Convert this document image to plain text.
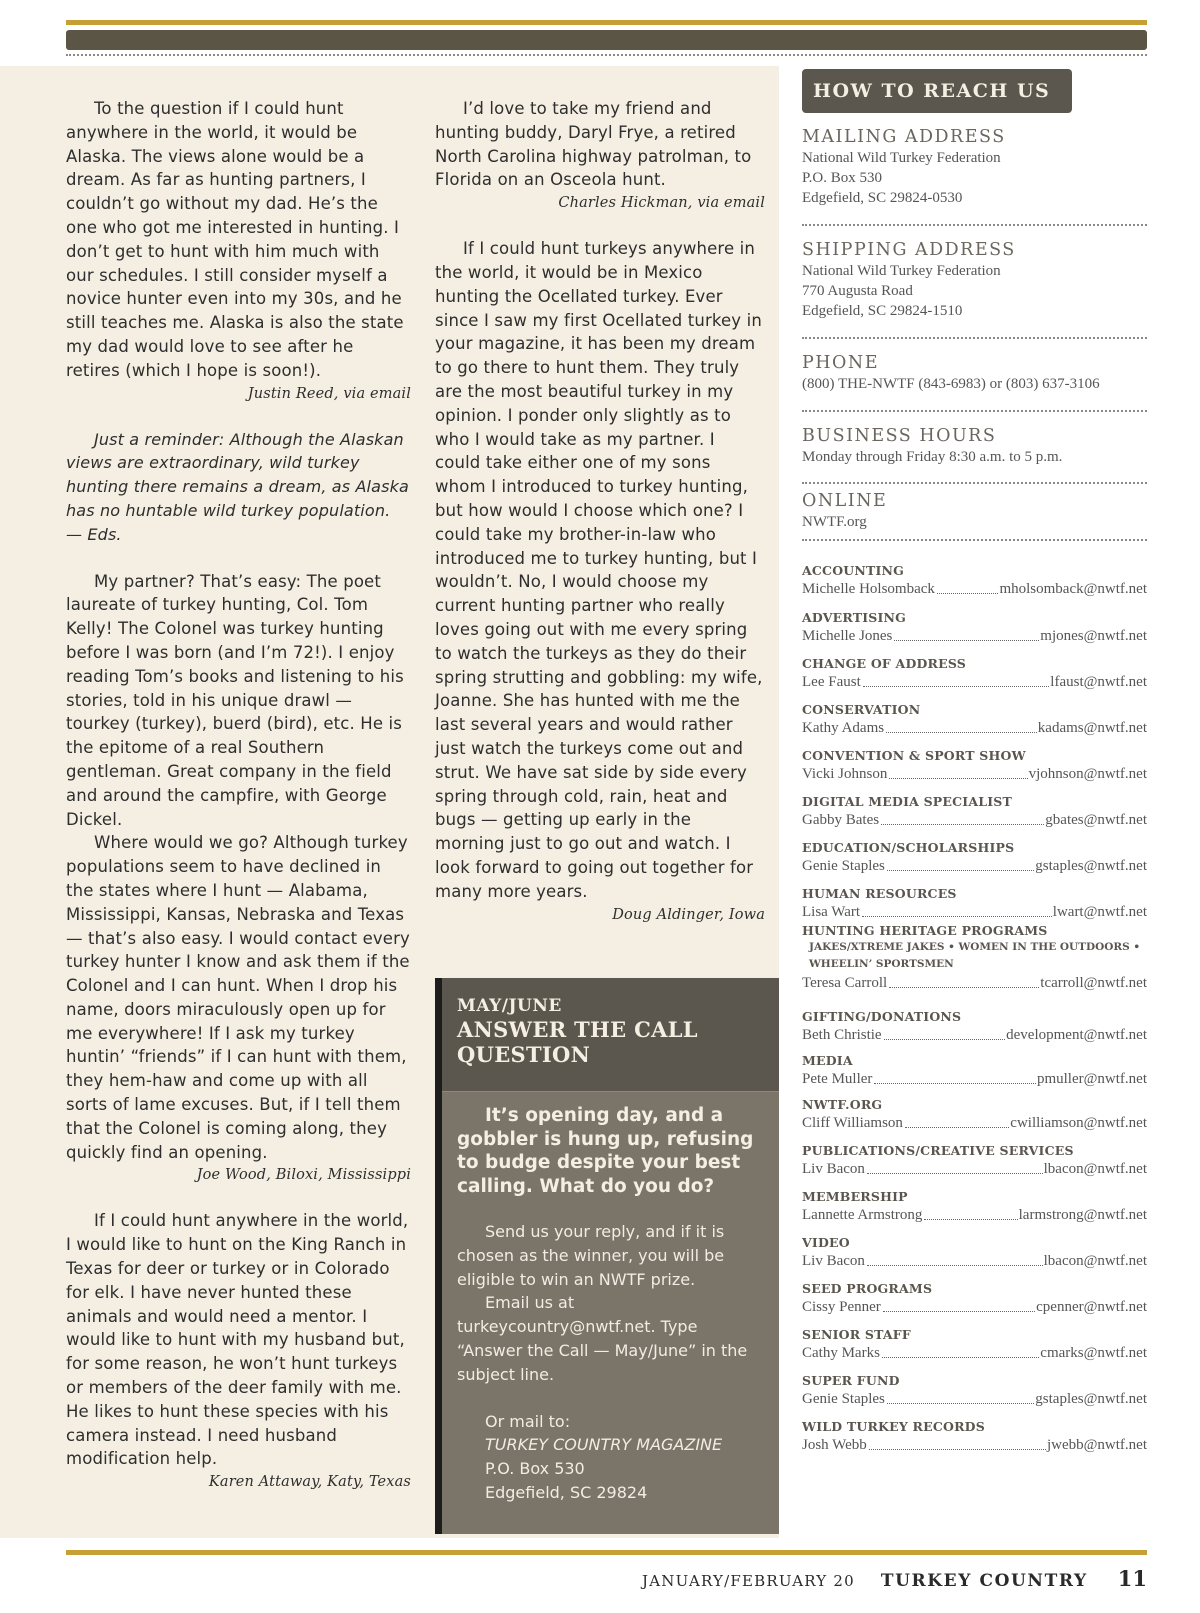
To the question if I could hunt anywhere in the world, it would be Alaska. The views alone would be a dream. As far as hunting partners, I couldn’t go without my dad. He’s the one who got me interested in hunting. I don’t get to hunt with him much with our schedules. I still consider myself a novice hunter even into my 30s, and he still teaches me. Alaska is also the state my dad would love to see after he retires (which I hope is soon!).

Justin Reed, via email

Just a reminder: Although the Alaskan views are extraordinary, wild turkey hunting there remains a dream, as Alaska has no huntable wild turkey population. — Eds.

My partner? That’s easy: The poet laureate of turkey hunting, Col. Tom Kelly! The Colonel was turkey hunting before I was born (and I’m 72!). I enjoy reading Tom’s books and listening to his stories, told in his unique drawl — tourkey (turkey), buerd (bird), etc. He is the epitome of a real Southern gentleman. Great company in the field and around the campfire, with George Dickel.

Where would we go? Although turkey populations seem to have declined in the states where I hunt — Alabama, Mississippi, Kansas, Nebraska and Texas — that’s also easy. I would contact every turkey hunter I know and ask them if the Colonel and I can hunt. When I drop his name, doors miraculously open up for me everywhere! If I ask my turkey huntin’ “friends” if I can hunt with them, they hem-haw and come up with all sorts of lame excuses. But, if I tell them that the Colonel is coming along, they quickly find an opening.

Joe Wood, Biloxi, Mississippi

If I could hunt anywhere in the world, I would like to hunt on the King Ranch in Texas for deer or turkey or in Colorado for elk. I have never hunted these animals and would need a mentor. I would like to hunt with my husband but, for some reason, he won’t hunt turkeys or members of the deer family with me. He likes to hunt these species with his camera instead. I need husband modification help.

Karen Attaway, Katy, Texas

I’d love to take my friend and hunting buddy, Daryl Frye, a retired North Carolina highway patrolman, to Florida on an Osceola hunt.

Charles Hickman, via email

If I could hunt turkeys anywhere in the world, it would be in Mexico hunting the Ocellated turkey. Ever since I saw my first Ocellated turkey in your magazine, it has been my dream to go there to hunt them. They truly are the most beautiful turkey in my opinion. I ponder only slightly as to who I would take as my partner. I could take either one of my sons whom I introduced to turkey hunting, but how would I choose which one? I could take my brother-in-law who introduced me to turkey hunting, but I wouldn’t. No, I would choose my current hunting partner who really loves going out with me every spring to watch the turkeys as they do their spring strutting and gobbling: my wife, Joanne. She has hunted with me the last several years and would rather just watch the turkeys come out and strut. We have sat side by side every spring through cold, rain, heat and bugs — getting up early in the morning just to go out and watch. I look forward to going out together for many more years.

Doug Aldinger, Iowa
MAY/JUNE
ANSWER THE CALL QUESTION
It’s opening day, and a gobbler is hung up, refusing to budge despite your best calling. What do you do?

Send us your reply, and if it is chosen as the winner, you will be eligible to win an NWTF prize.

Email us at turkeycountry@nwtf.net. Type “Answer the Call — May/June” in the subject line.

Or mail to:
TURKEY COUNTRY MAGAZINE
P.O. Box 530
Edgefield, SC 29824
HOW TO REACH US
MAILING ADDRESS
National Wild Turkey Federation
P.O. Box 530
Edgefield, SC 29824-0530
SHIPPING ADDRESS
National Wild Turkey Federation
770 Augusta Road
Edgefield, SC 29824-1510
PHONE
(800) THE-NWTF (843-6983) or (803) 637-3106
BUSINESS HOURS
Monday through Friday 8:30 a.m. to 5 p.m.
ONLINE
NWTF.org
ACCOUNTING
Michelle Holsomback	mholsomback@nwtf.net
ADVERTISING
Michelle Jones	mjones@nwtf.net
CHANGE OF ADDRESS
Lee Faust	lfaust@nwtf.net
CONSERVATION
Kathy Adams	kadams@nwtf.net
CONVENTION & SPORT SHOW
Vicki Johnson	vjohnson@nwtf.net
DIGITAL MEDIA SPECIALIST
Gabby Bates	gbates@nwtf.net
EDUCATION/SCHOLARSHIPS
Genie Staples	gstaples@nwtf.net
HUMAN RESOURCES
Lisa Wart	lwart@nwtf.net
HUNTING HERITAGE PROGRAMS
JAKES/XTREME JAKES • WOMEN IN THE OUTDOORS •
WHEELIN’ SPORTSMEN
Teresa Carroll	tcarroll@nwtf.net
GIFTING/DONATIONS
Beth Christie	development@nwtf.net
MEDIA
Pete Muller	pmuller@nwtf.net
NWTF.ORG
Cliff Williamson	cwilliamson@nwtf.net
PUBLICATIONS/CREATIVE SERVICES
Liv Bacon	lbacon@nwtf.net
MEMBERSHIP
Lannette Armstrong	larmstrong@nwtf.net
VIDEO
Liv Bacon	lbacon@nwtf.net
SEED PROGRAMS
Cissy Penner	cpenner@nwtf.net
SENIOR STAFF
Cathy Marks	cmarks@nwtf.net
SUPER FUND
Genie Staples	gstaples@nwtf.net
WILD TURKEY RECORDS
Josh Webb	jwebb@nwtf.net
JANUARY/FEBRUARY 20 TURKEY COUNTRY 11
